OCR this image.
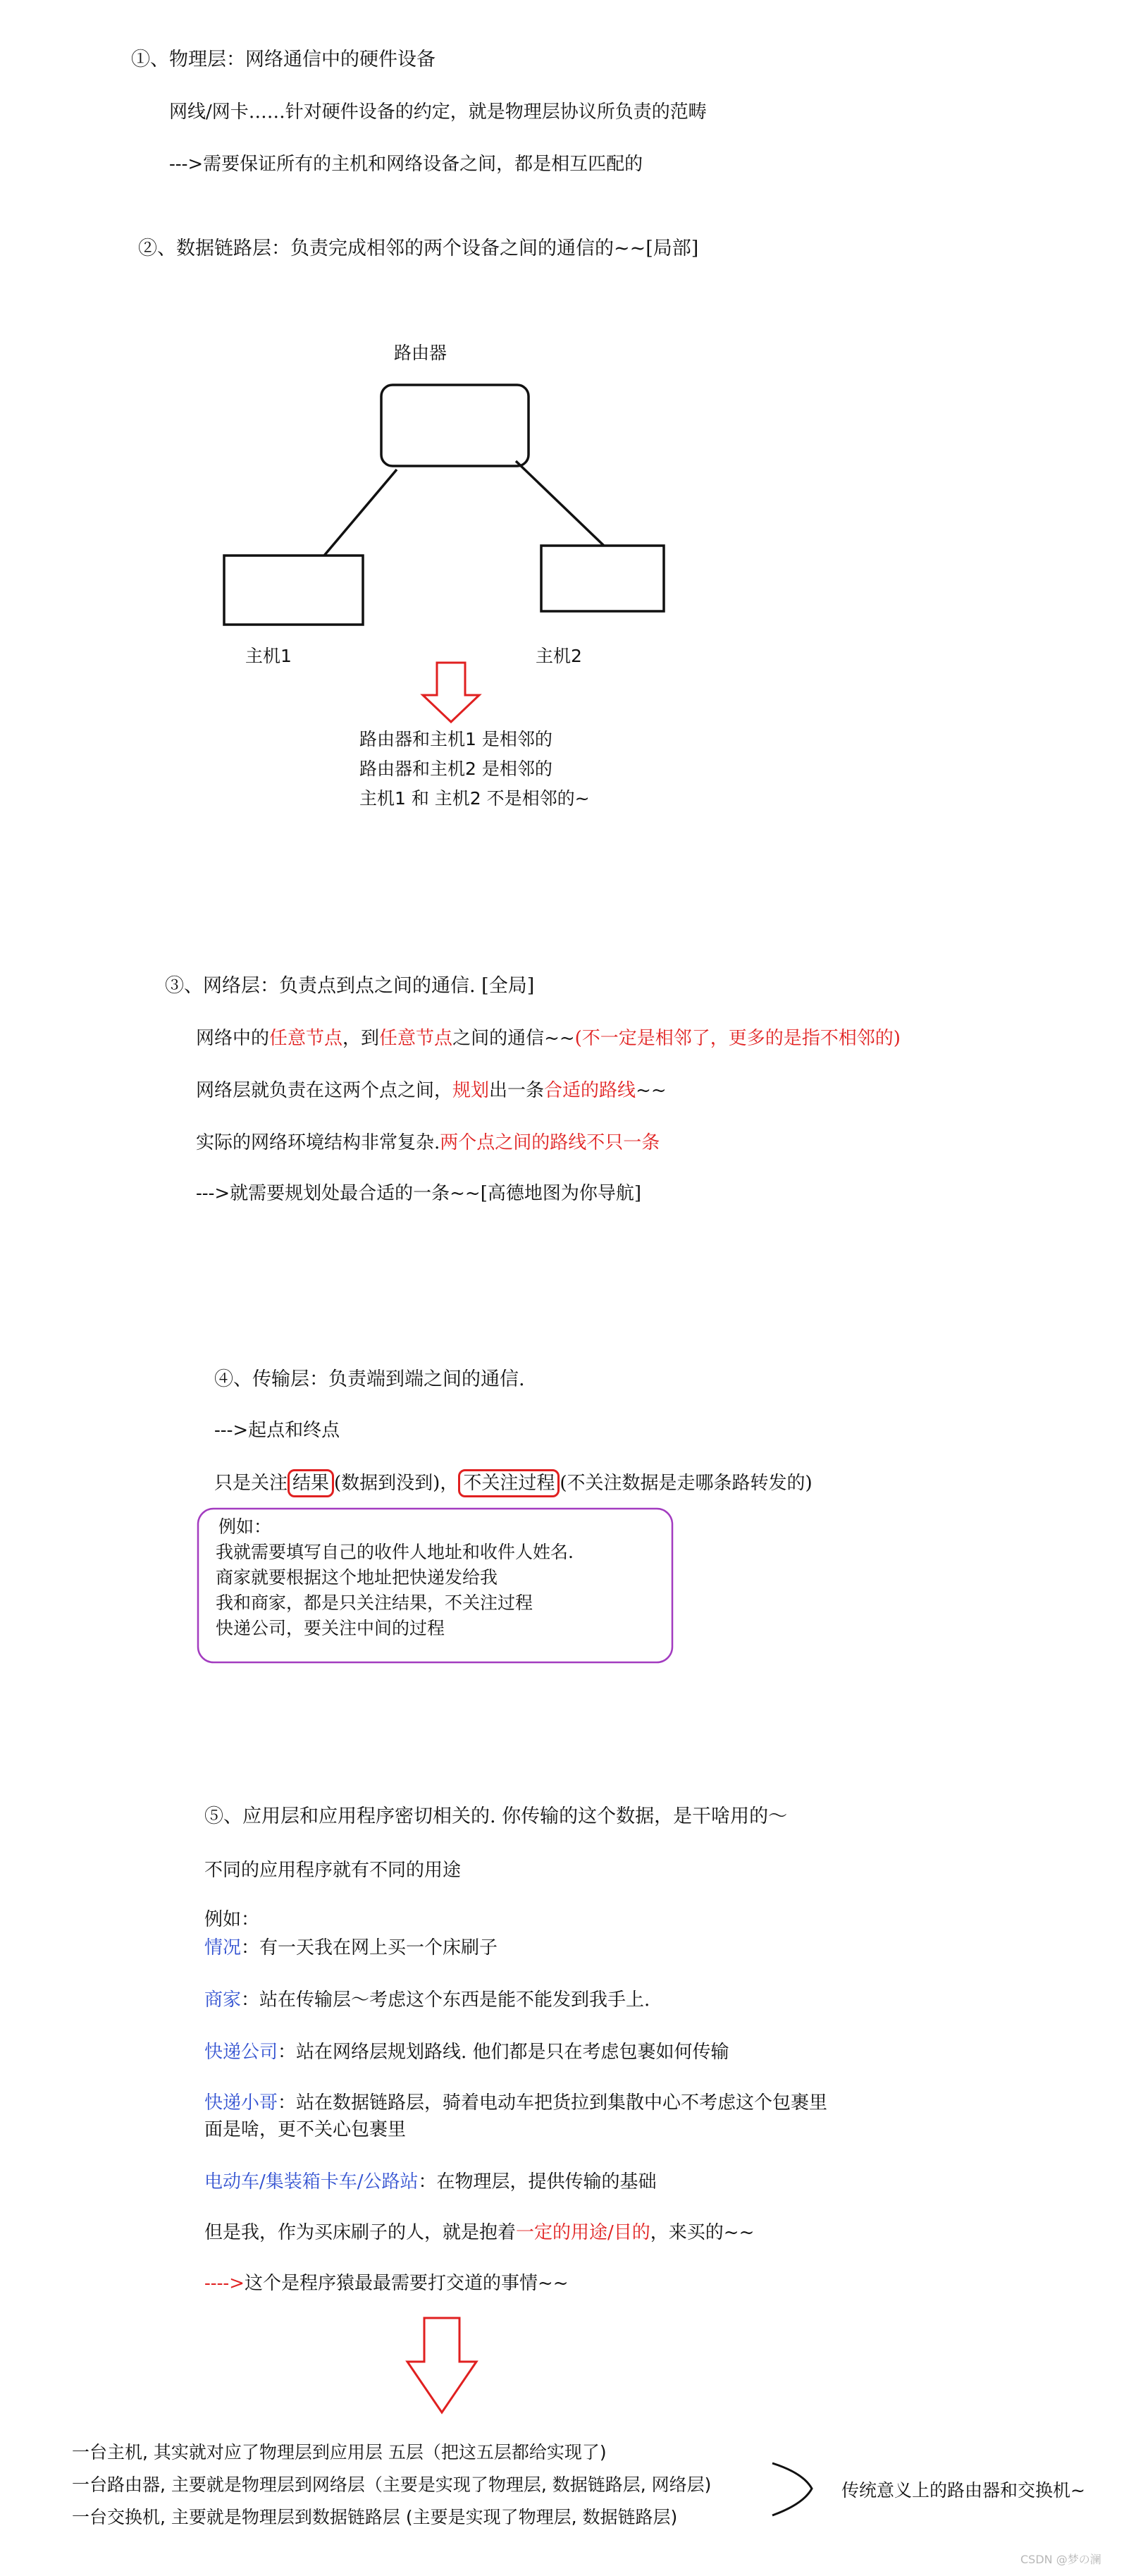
①、物理层：网络通信中的硬件设备
网线/网卡……针对硬件设备的约定，就是物理层协议所负责的范畴
--->需要保证所有的主机和网络设备之间，都是相互匹配的
②、数据链路层：负责完成相邻的两个设备之间的通信的~~[局部]
路由器
主机1	主机2
路由器和主机1 是相邻的
路由器和主机2 是相邻的
主机1 和 主机2 不是相邻的~
③、网络层：负责点到点之间的通信. [全局]
网络中的任意节点，到任意节点之间的通信~~(不一定是相邻了，更多的是指不相邻的)
网络层就负责在这两个点之间，规划出一条合适的路线~~
实际的网络环境结构非常复杂.两个点之间的路线不只一条
--->就需要规划处最合适的一条~~[高德地图为你导航]
④、传输层：负责端到端之间的通信.
--->起点和终点
只是关注 结果 (数据到没到)， 不关注过程 (不关注数据是走哪条路转发的)
例如：
我就需要填写自己的收件人地址和收件人姓名.
商家就要根据这个地址把快递发给我
我和商家，都是只关注结果，不关注过程
快递公司，要关注中间的过程
⑤、应用层和应用程序密切相关的. 你传输的这个数据，是干啥用的～
不同的应用程序就有不同的用途
例如：
情况：有一天我在网上买一个床刷子
商家：站在传输层～考虑这个东西是能不能发到我手上.
快递公司：站在网络层规划路线. 他们都是只在考虑包裹如何传输
快递小哥：站在数据链路层，骑着电动车把货拉到集散中心不考虑这个包裹里
面是啥，更不关心包裹里
电动车/集装箱卡车/公路站：在物理层，提供传输的基础
但是我，作为买床刷子的人，就是抱着一定的用途/目的，来买的~~
---->这个是程序猿最最需要打交道的事情~~
一台主机, 其实就对应了物理层到应用层 五层（把这五层都给实现了)
一台路由器, 主要就是物理层到网络层（主要是实现了物理层, 数据链路层, 网络层)
一台交换机, 主要就是物理层到数据链路层 (主要是实现了物理层, 数据链路层)
传统意义上的路由器和交换机~
CSDN @梦の澜
